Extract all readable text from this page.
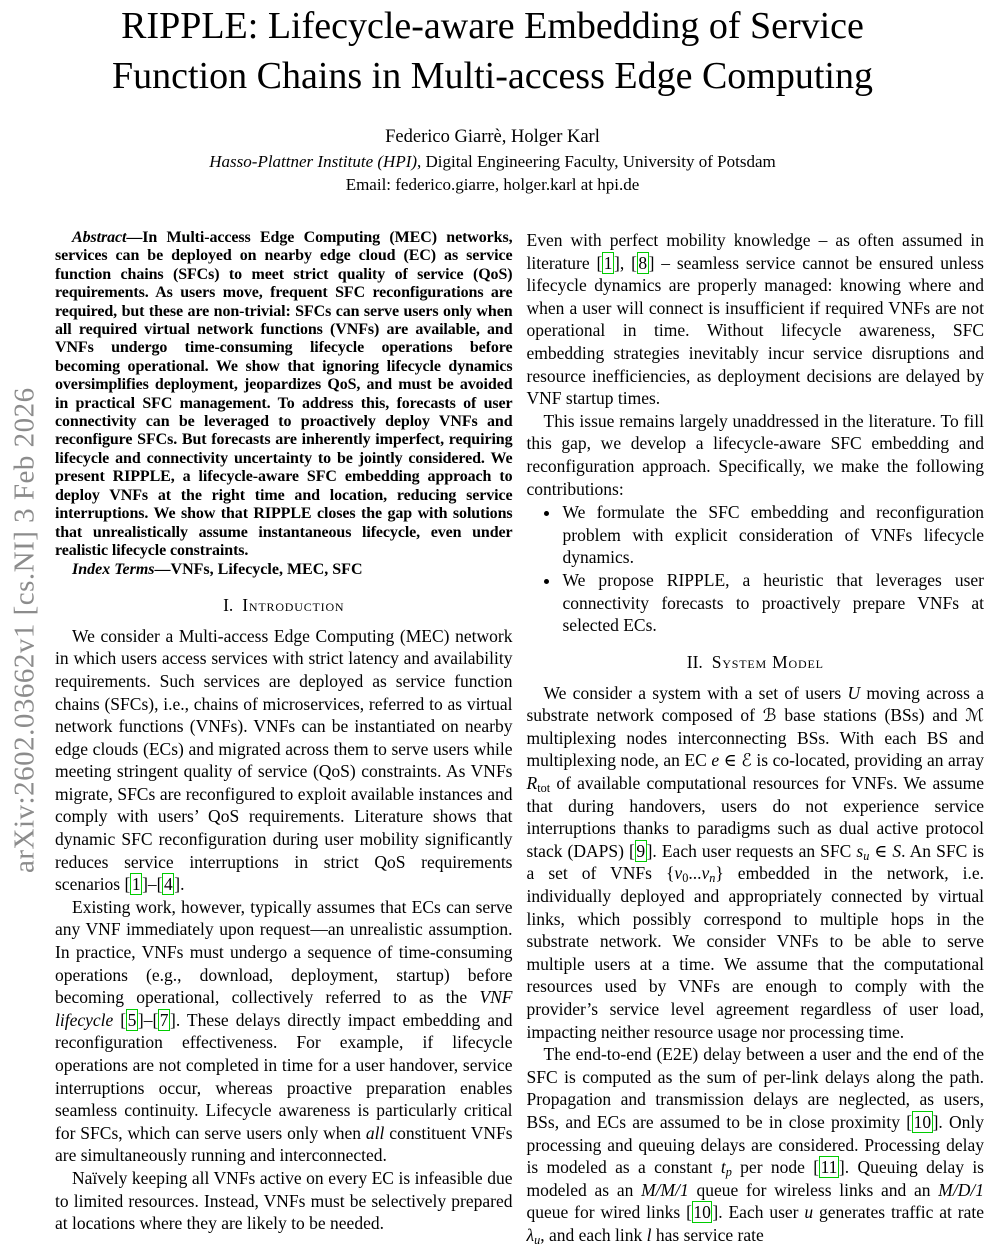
arXiv:2602.03662v1 [cs.NI] 3 Feb 2026
RIPPLE: Lifecycle-aware Embedding of Service
Function Chains in Multi-access Edge Computing
Federico Giarrè, Holger Karl
Hasso-Plattner Institute (HPI), Digital Engineering Faculty, University of Potsdam
Email: federico.giarre, holger.karl at hpi.de

Abstract—In Multi-access Edge Computing (MEC) networks, services can be deployed on nearby edge cloud (EC) as service function chains (SFCs) to meet strict quality of service (QoS) requirements. As users move, frequent SFC reconfigurations are required, but these are non-trivial: SFCs can serve users only when all required virtual network functions (VNFs) are available, and VNFs undergo time-consuming lifecycle operations before becoming operational. We show that ignoring lifecycle dynamics oversimplifies deployment, jeopardizes QoS, and must be avoided in practical SFC management. To address this, forecasts of user connectivity can be leveraged to proactively deploy VNFs and reconfigure SFCs. But forecasts are inherently imperfect, requiring lifecycle and connectivity uncertainty to be jointly considered. We present RIPPLE, a lifecycle-aware SFC embedding approach to deploy VNFs at the right time and location, reducing service interruptions. We show that RIPPLE closes the gap with solutions that unrealistically assume instantaneous lifecycle, even under realistic lifecycle constraints.

Index Terms—VNFs, Lifecycle, MEC, SFC

I. Introduction

We consider a Multi-access Edge Computing (MEC) network in which users access services with strict latency and availability requirements. Such services are deployed as service function chains (SFCs), i.e., chains of microservices, referred to as virtual network functions (VNFs). VNFs can be instantiated on nearby edge clouds (ECs) and migrated across them to serve users while meeting stringent quality of service (QoS) constraints. As VNFs migrate, SFCs are reconfigured to exploit available instances and comply with users’ QoS requirements. Literature shows that dynamic SFC reconfiguration during user mobility significantly reduces service interruptions in strict QoS requirements scenarios [1]–[4].

Existing work, however, typically assumes that ECs can serve any VNF immediately upon request—an unrealistic assumption. In practice, VNFs must undergo a sequence of time-consuming operations (e.g., download, deployment, startup) before becoming operational, collectively referred to as the VNF lifecycle [5]–[7]. These delays directly impact embedding and reconfiguration effectiveness. For example, if lifecycle operations are not completed in time for a user handover, service interruptions occur, whereas proactive preparation enables seamless continuity. Lifecycle awareness is particularly critical for SFCs, which can serve users only when all constituent VNFs are simultaneously running and interconnected.

Naïvely keeping all VNFs active on every EC is infeasible due to limited resources. Instead, VNFs must be selectively prepared at locations where they are likely to be needed.

Even with perfect mobility knowledge – as often assumed in literature [1], [8] – seamless service cannot be ensured unless lifecycle dynamics are properly managed: knowing where and when a user will connect is insufficient if required VNFs are not operational in time. Without lifecycle awareness, SFC embedding strategies inevitably incur service disruptions and resource inefficiencies, as deployment decisions are delayed by VNF startup times.

This issue remains largely unaddressed in the literature. To fill this gap, we develop a lifecycle-aware SFC embedding and reconfiguration approach. Specifically, we make the following contributions:

• We formulate the SFC embedding and reconfiguration problem with explicit consideration of VNFs lifecycle dynamics.
• We propose RIPPLE, a heuristic that leverages user connectivity forecasts to proactively prepare VNFs at selected ECs.
II. System Model

We consider a system with a set of users U moving across a substrate network composed of ℬ base stations (BSs) and ℳ multiplexing nodes interconnecting BSs. With each BS and multiplexing node, an EC e ∈ ℰ is co-located, providing an array $R_{tot}$ of available computational resources for VNFs. We assume that during handovers, users do not experience service interruptions thanks to paradigms such as dual active protocol stack (DAPS) [9]. Each user requests an SFC su ∈ S. An SFC is a set of VNFs $\{v_0...vn\}$ embedded in the network, i.e. individually deployed and appropriately connected by virtual links, which possibly correspond to multiple hops in the substrate network. We consider VNFs to be able to serve multiple users at a time. We assume that the computational resources used by VNFs are enough to comply with the provider’s service level agreement regardless of user load, impacting neither resource usage nor processing time.

The end-to-end (E2E) delay between a user and the end of the SFC is computed as the sum of per-link delays along the path. Propagation and transmission delays are neglected, as users, BSs, and ECs are assumed to be in close proximity [10]. Only processing and queuing delays are considered. Processing delay is modeled as a constant tp per node [11]. Queuing delay is modeled as an M/M/1 queue for wireless links and an M/D/1 queue for wired links [10]. Each user u generates traffic at rate λu, and each link l has service rate
